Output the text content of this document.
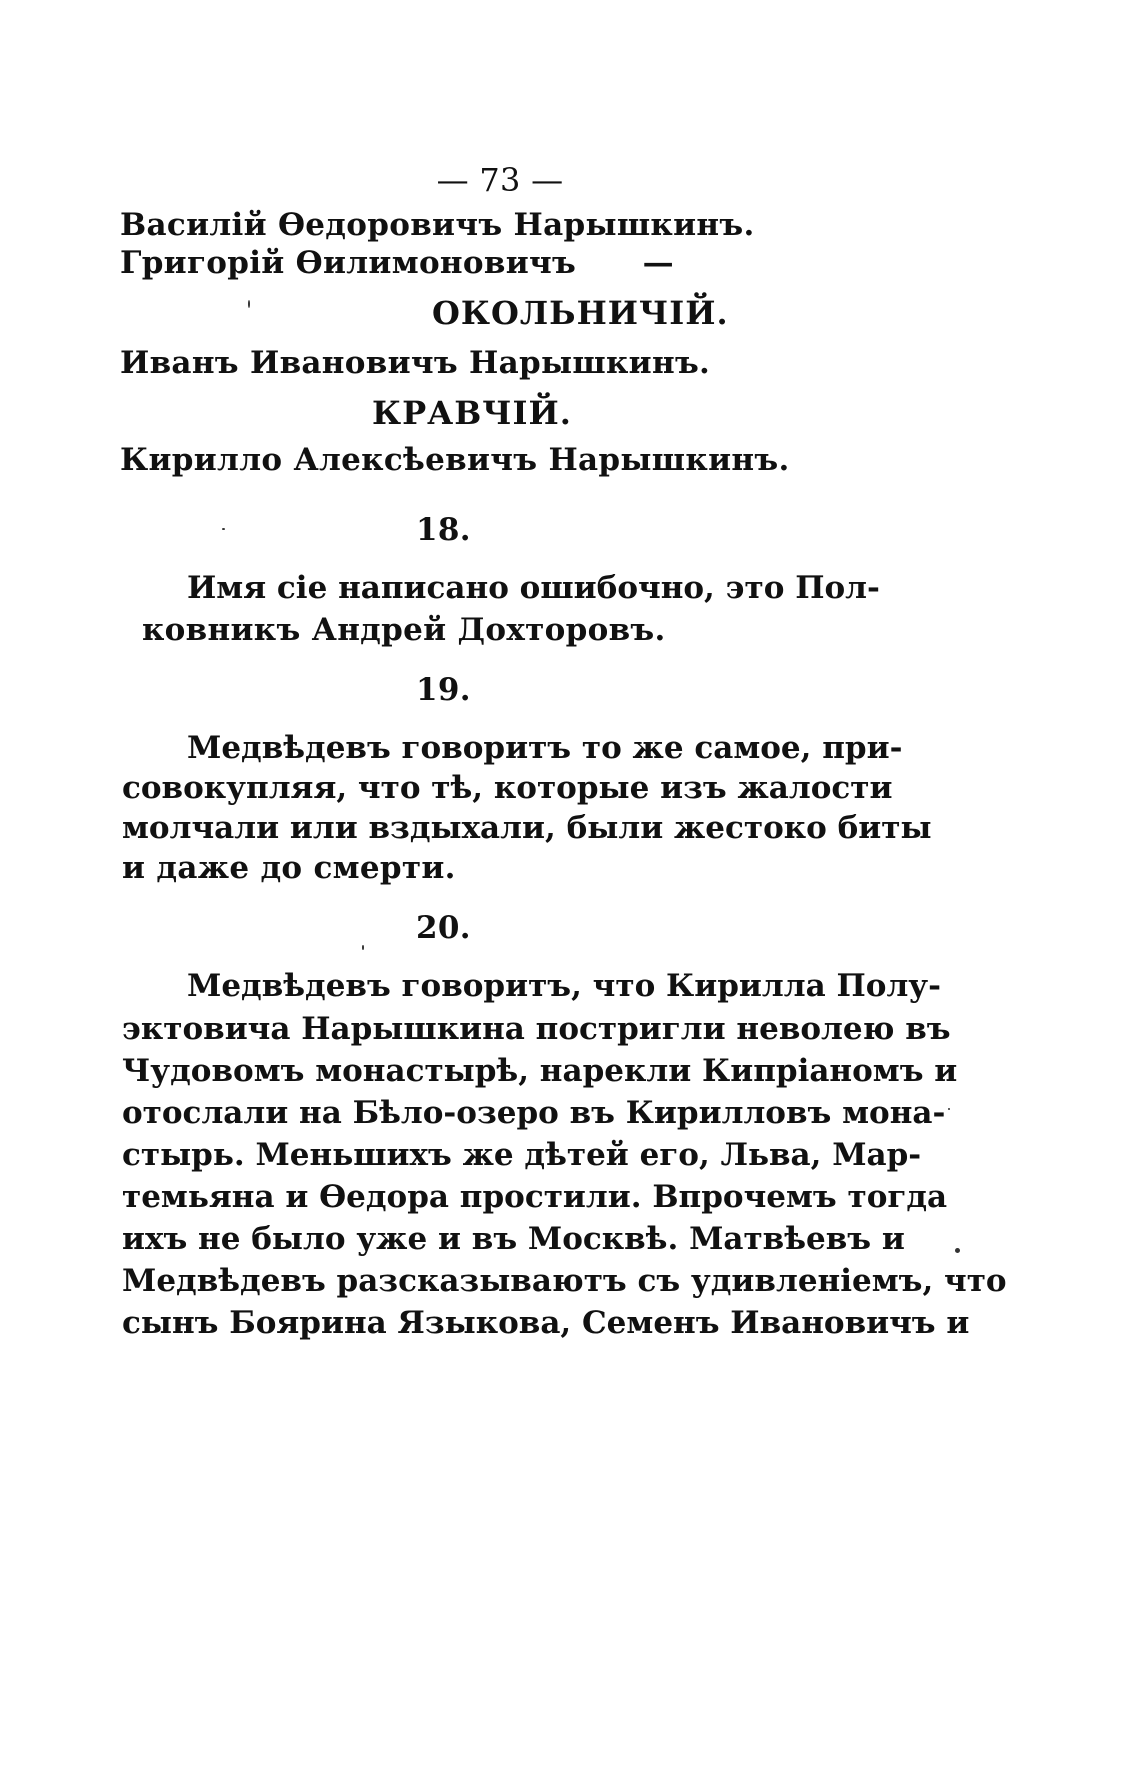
— 73 —
Василій Өедоровичъ Нарышкинъ.
Григорій Өилимоновичъ      —
ОКОЛЬНИЧІЙ.
Иванъ Ивановичъ Нарышкинъ.
КРАВЧІЙ.
Кирилло Алексѣевичъ Нарышкинъ.
18.
Имя сіе написано ошибочно, это Пол-
ковникъ Андрей Дохторовъ.
19.
Медвѣдевъ говоритъ то же самое, при-
совокупляя, что тѣ, которые изъ жалости
молчали или вздыхали, были жестоко биты
и даже до смерти.
20.
Медвѣдевъ говоритъ, что Кирилла Полу-
эктовича Нарышкина постригли неволею въ
Чудовомъ монастырѣ, нарекли Кипріаномъ и
отослали на Бѣло-озеро въ Кирилловъ мона-
стырь. Меньшихъ же дѣтей его, Льва, Мар-
темьяна и Өедора простили. Впрочемъ тогда
ихъ не было уже и въ Москвѣ. Матвѣевъ и
Медвѣдевъ разсказываютъ съ удивленіемъ, что
сынъ Боярина Языкова, Семенъ Ивановичъ и
